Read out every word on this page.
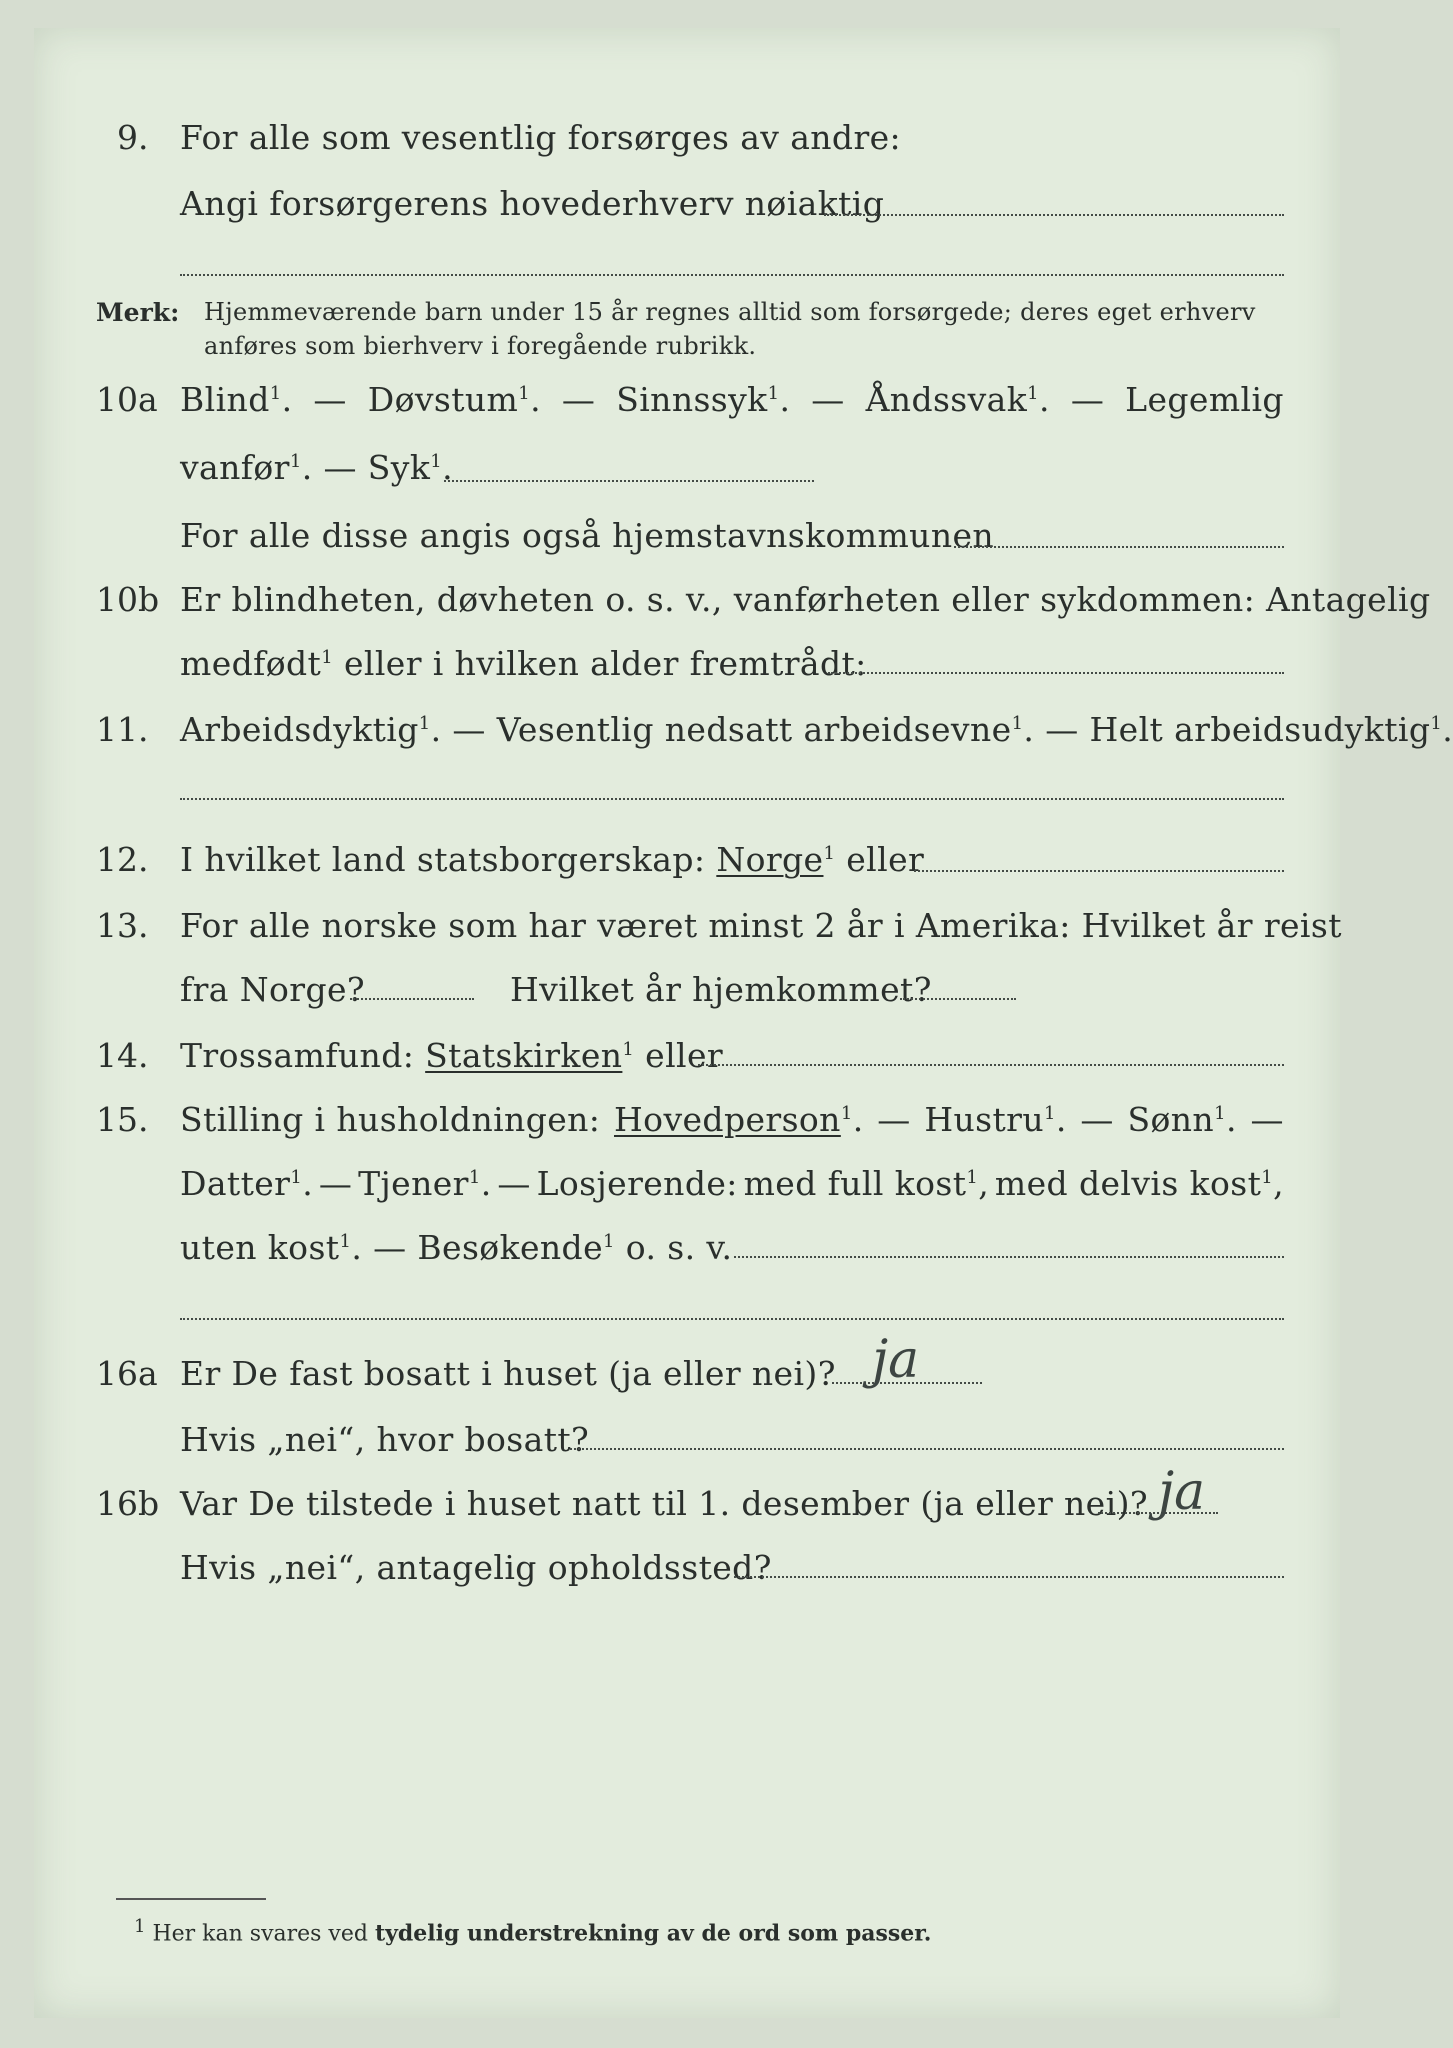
9. For alle som vesentlig forsørges av andre:
Angi forsørgerens hovederhverv nøiaktig
Merk: Hjemmeværende barn under 15 år regnes alltid som forsørgede; deres eget erhverv
anføres som bierhverv i foregående rubrikk.
10a Blind$^1$. — Døvstum$^1$. — Sinnssyk$^1$. — Åndssvak$^1$. — Legemlig
vanfør$^1$. — Syk$^1$.
For alle disse angis også hjemstavnskommunen
10b Er blindheten, døvheten o. s. v., vanførheten eller sykdommen: Antagelig
medfødt$^1$ eller i hvilken alder fremtrådt:
11. Arbeidsdyktig$^1$. — Vesentlig nedsatt arbeidsevne$^1$. — Helt arbeidsudyktig$^1$.
12. I hvilket land statsborgerskap: Norge$^1$ eller
13. For alle norske som har været minst 2 år i Amerika: Hvilket år reist
fra Norge?	Hvilket år hjemkommet?
14. Trossamfund: Statskirken$^1$ eller
15. Stilling i husholdningen: Hovedperson$^1$. — Hustru$^1$. — Sønn$^1$. —
Datter$^1$. — Tjener$^1$. — Losjerende: med full kost$^1$, med delvis kost$^1$,
uten kost$^1$. — Besøkende$^1$ o. s. v.
16a Er De fast bosatt i huset (ja eller nei)? ja
Hvis „nei“, hvor bosatt?
16b Var De tilstede i huset natt til 1. desember (ja eller nei)? ja
Hvis „nei“, antagelig opholdssted?
$^1$ Her kan svares ved tydelig understrekning av de ord som passer.
